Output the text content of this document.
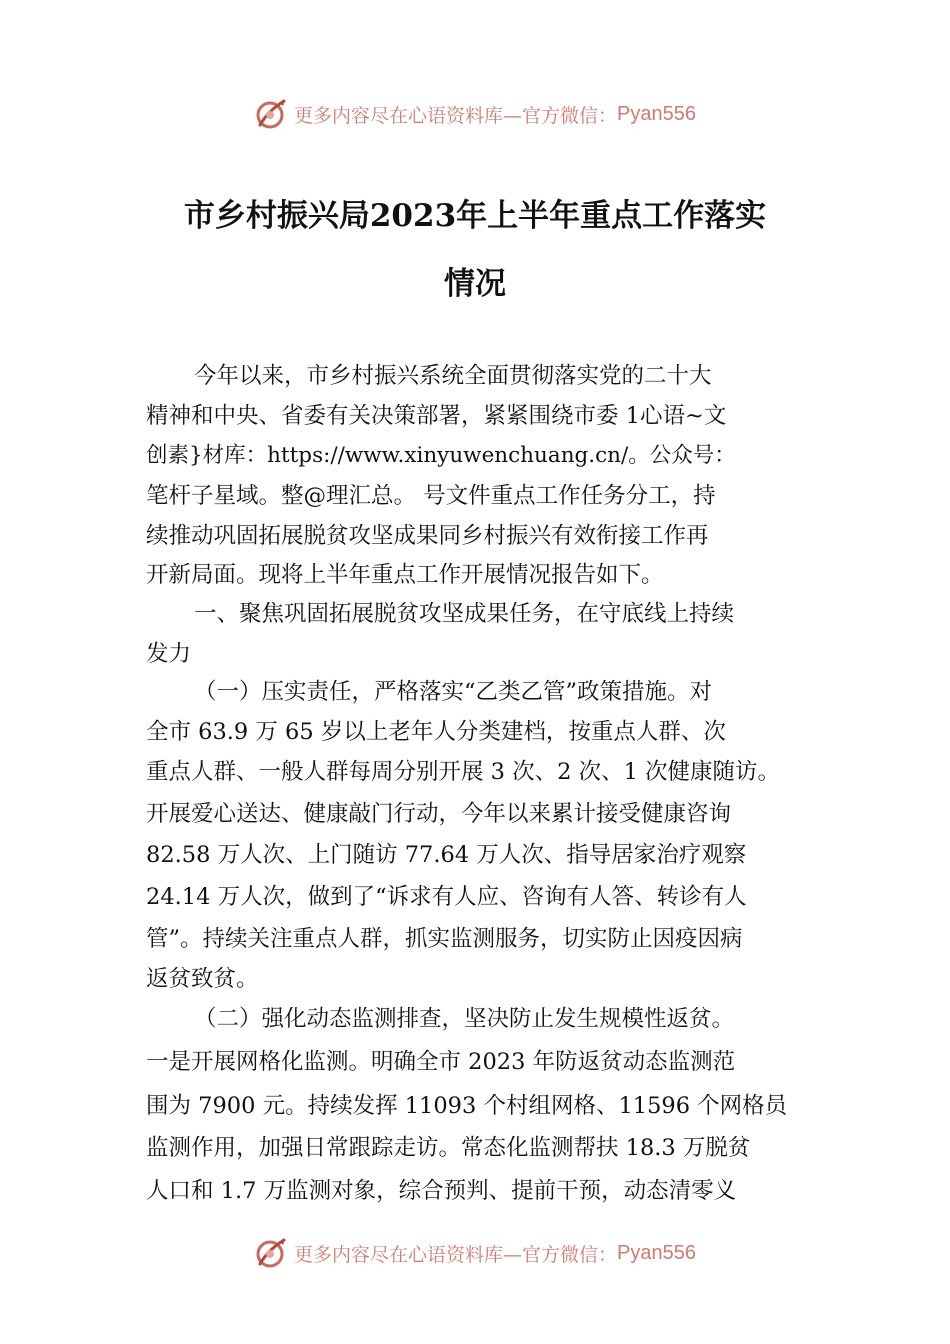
更多内容尽在心语资料库—官方微信： Pyan556
市乡村振兴局2023年上半年重点工作落实
情况
今年以来，市乡村振兴系统全面贯彻落实党的二十大
精神和中央、省委有关决策部署，紧紧围绕市委 1心语~文
创素}材库：https://www.xinyuwenchuang.cn/。公众号：
笔杆子星域。整@理汇总。 号文件重点工作任务分工，持
续推动巩固拓展脱贫攻坚成果同乡村振兴有效衔接工作再
开新局面。现将上半年重点工作开展情况报告如下。
一、聚焦巩固拓展脱贫攻坚成果任务，在守底线上持续
发力
（一）压实责任，严格落实“乙类乙管”政策措施。对
全市 63.9 万 65 岁以上老年人分类建档，按重点人群、次
重点人群、一般人群每周分别开展 3 次、2 次、1 次健康随访。
开展爱心送达、健康敲门行动，今年以来累计接受健康咨询
82.58 万人次、上门随访 77.64 万人次、指导居家治疗观察
24.14 万人次，做到了“诉求有人应、咨询有人答、转诊有人
管”。持续关注重点人群，抓实监测服务，切实防止因疫因病
返贫致贫。
（二）强化动态监测排查，坚决防止发生规模性返贫。
一是开展网格化监测。明确全市 2023 年防返贫动态监测范
围为 7900 元。持续发挥 11093 个村组网格、11596 个网格员
监测作用，加强日常跟踪走访。常态化监测帮扶 18.3 万脱贫
人口和 1.7 万监测对象，综合预判、提前干预，动态清零义
更多内容尽在心语资料库—官方微信： Pyan556
